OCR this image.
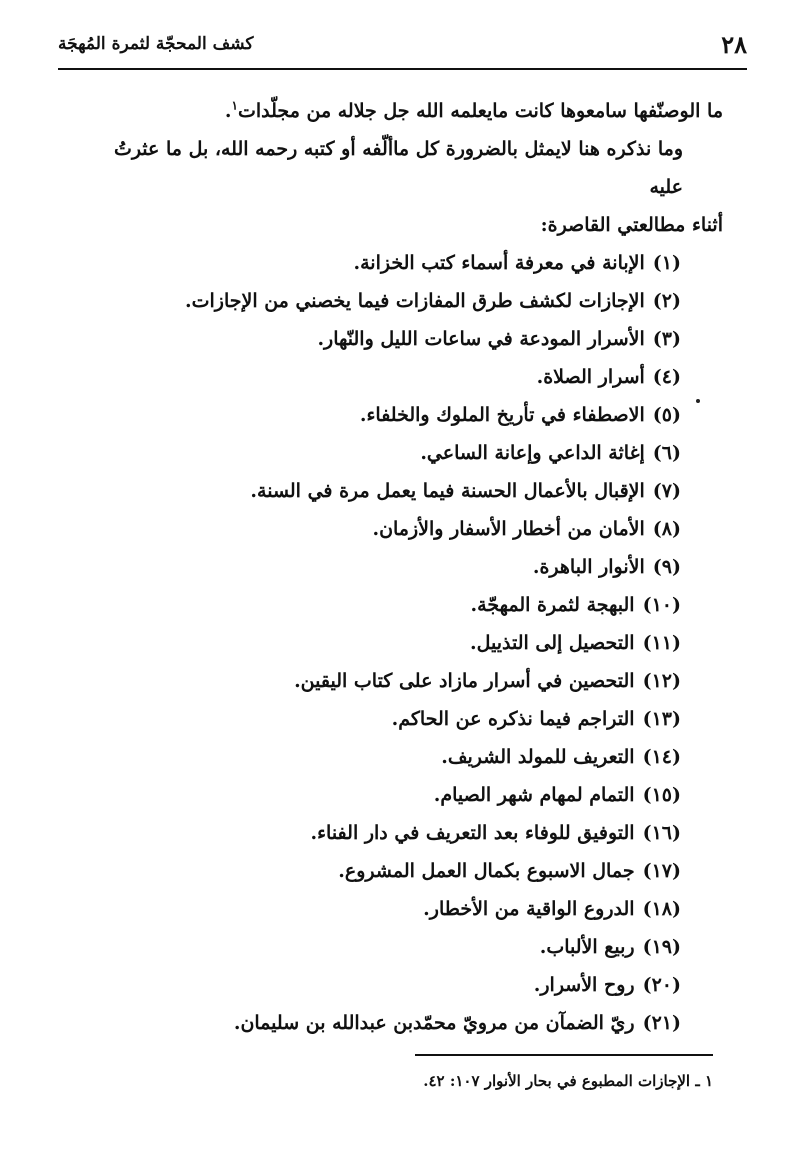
٢٨
كشف المحجّة لثمرة المُهجَة

ما الوصنّفها سامعوها كانت مايعلمه الله جل جلاله من مجلّدات$^١$.

وما نذكره هنا لايمثل بالضرورة كل ماألّفه أو كتبه رحمه الله، بل ما عثرتُ عليه

أثناء مطالعتي القاصرة:

(١)الإبانة في معرفة أسماء كتب الخزانة.
(٢)الإجازات لكشف طرق المفازات فيما يخصني من الإجازات.
(٣)الأسرار المودعة في ساعات الليل والنّهار.
(٤)أسرار الصلاة.
(٥)الاصطفاء في تأريخ الملوك والخلفاء.
(٦)إغاثة الداعي وإعانة الساعي.
(٧)الإقبال بالأعمال الحسنة فيما يعمل مرة في السنة.
(٨)الأمان من أخطار الأسفار والأزمان.
(٩)الأنوار الباهرة.
(١٠)البهجة لثمرة المهجّة.
(١١)التحصيل إلى التذييل.
(١٢)التحصين في أسرار مازاد على كتاب اليقين.
(١٣)التراجم فيما نذكره عن الحاكم.
(١٤)التعريف للمولد الشريف.
(١٥)التمام لمهام شهر الصيام.
(١٦)التوفيق للوفاء بعد التعريف في دار الفناء.
(١٧)جمال الاسبوع بكمال العمل المشروع.
(١٨)الدروع الواقية من الأخطار.
(١٩)ربيع الألباب.
(٢٠)روح الأسرار.
(٢١)ريّ الضمآن من مرويّ محمّدبن عبدالله بن سليمان.
١ ـ الإجازات المطبوع في بحار الأنوار ١٠٧: ٤٢.
